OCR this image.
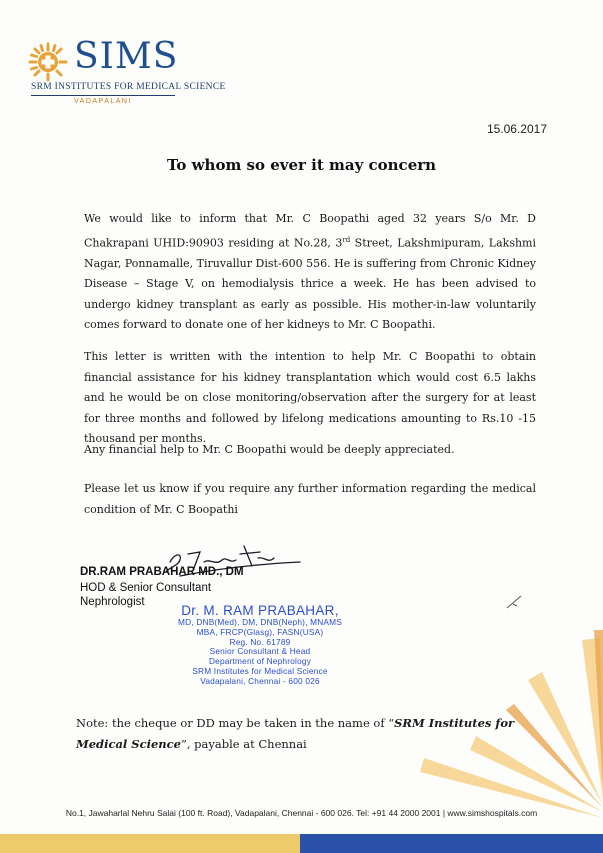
SIMS
SRM INSTITUTES FOR MEDICAL SCIENCE
VADAPALANI
15.06.2017
To whom so ever it may concern
We would like to inform that Mr. C Boopathi aged 32 years S/o Mr. D Chakrapani UHID:90903 residing at No.28, 3rd Street, Lakshmipuram, Lakshmi Nagar, Ponnamalle, Tiruvallur Dist-600 556. He is suffering from Chronic Kidney Disease – Stage V, on hemodialysis thrice a week. He has been advised to undergo kidney transplant as early as possible. His mother-in-law voluntarily comes forward to donate one of her kidneys to Mr. C Boopathi.
This letter is written with the intention to help Mr. C Boopathi to obtain financial assistance for his kidney transplantation which would cost 6.5 lakhs and he would be on close monitoring/observation after the surgery for at least for three months and followed by lifelong medications amounting to Rs.10 -15 thousand per months.
Any financial help to Mr. C Boopathi would be deeply appreciated.
Please let us know if you require any further information regarding the medical condition of Mr. C Boopathi
DR.RAM PRABAHAR MD., DM
HOD & Senior Consultant
Nephrologist
Dr. M. RAM PRABAHAR,
MD, DNB(Med), DM, DNB(Neph), MNAMS
MBA, FRCP(Glasg), FASN(USA)
Reg. No. 61789
Senior Consultant & Head
Department of Nephrology
SRM Institutes for Medical Science
Vadapalani, Chennai - 600 026
Note: the cheque or DD may be taken in the name of “SRM Institutes for Medical Science”, payable at Chennai
No.1, Jawaharlal Nehru Salai (100 ft. Road), Vadapalani, Chennai - 600 026. Tel: +91 44 2000 2001 | www.simshospitals.com
